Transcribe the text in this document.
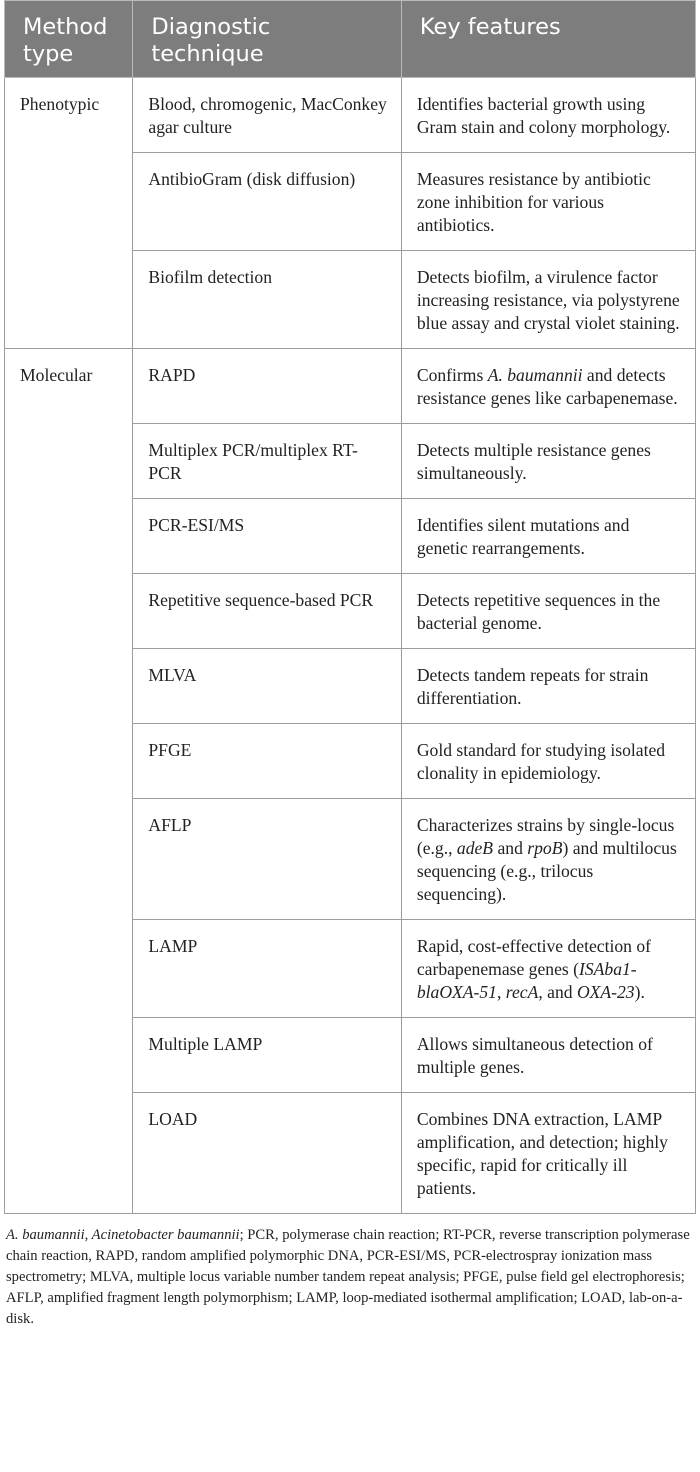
Method type	Diagnostic technique	Key features
Phenotypic	Blood, chromogenic, MacConkey agar culture	Identifies bacterial growth using Gram stain and colony morphology.
	AntibioGram (disk diffusion)	Measures resistance by antibiotic zone inhibition for various antibiotics.
	Biofilm detection	Detects biofilm, a virulence factor increasing resistance, via polystyrene blue assay and crystal violet staining.
Molecular	RAPD	Confirms A. baumannii and detects resistance genes like carbapenemase.
	Multiplex PCR/multiplex RT-PCR	Detects multiple resistance genes simultaneously.
	PCR-ESI/MS	Identifies silent mutations and genetic rearrangements.
	Repetitive sequence-based PCR	Detects repetitive sequences in the bacterial genome.
	MLVA	Detects tandem repeats for strain differentiation.
	PFGE	Gold standard for studying isolated clonality in epidemiology.
	AFLP	Characterizes strains by single-locus (e.g., adeB and rpoB) and multilocus sequencing (e.g., trilocus sequencing).
	LAMP	Rapid, cost-effective detection of carbapenemase genes (ISAba1-blaOXA-51, recA, and OXA-23).
	Multiple LAMP	Allows simultaneous detection of multiple genes.
	LOAD	Combines DNA extraction, LAMP amplification, and detection; highly specific, rapid for critically ill patients.

A. baumannii, Acinetobacter baumannii; PCR, polymerase chain reaction; RT-PCR, reverse transcription polymerase chain reaction, RAPD, random amplified polymorphic DNA, PCR-ESI/MS, PCR-electrospray ionization mass spectrometry; MLVA, multiple locus variable number tandem repeat analysis; PFGE, pulse field gel electrophoresis; AFLP, amplified fragment length polymorphism; LAMP, loop-mediated isothermal amplification; LOAD, lab-on-a-disk.
